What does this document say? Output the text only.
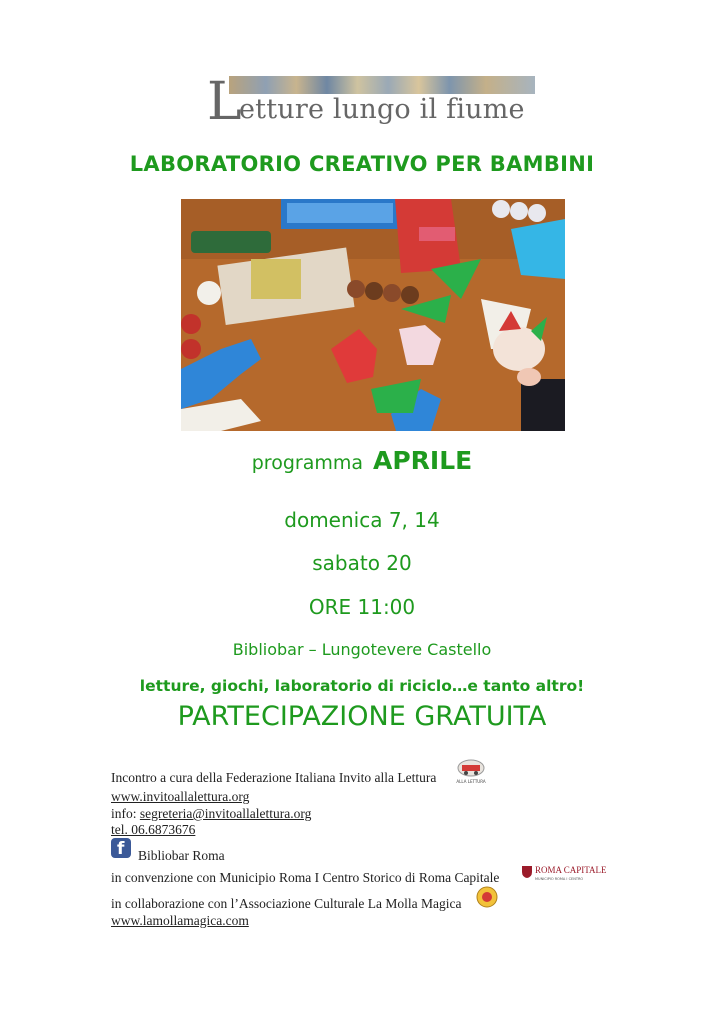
L
etture lungo il fiume
LABORATORIO CREATIVO PER BAMBINI
programma APRILE
domenica 7, 14
sabato 20
ORE 11:00
Bibliobar – Lungotevere Castello
letture, giochi, laboratorio di riciclo…e tanto altro!
PARTECIPAZIONE GRATUITA
Incontro a cura della Federazione Italiana Invito alla Lettura	ALLA LETTURA
www.invitoallalettura.org
info: segreteria@invitoallalettura.org
tel. 06.6873676
f Bibliobar Roma
in convenzione con Municipio Roma I Centro Storico di Roma Capitale	ROMA CAPITALE
MUNICIPIO ROMA I CENTRO
in collaborazione con l’Associazione Culturale La Molla Magica
www.lamollamagica.com
